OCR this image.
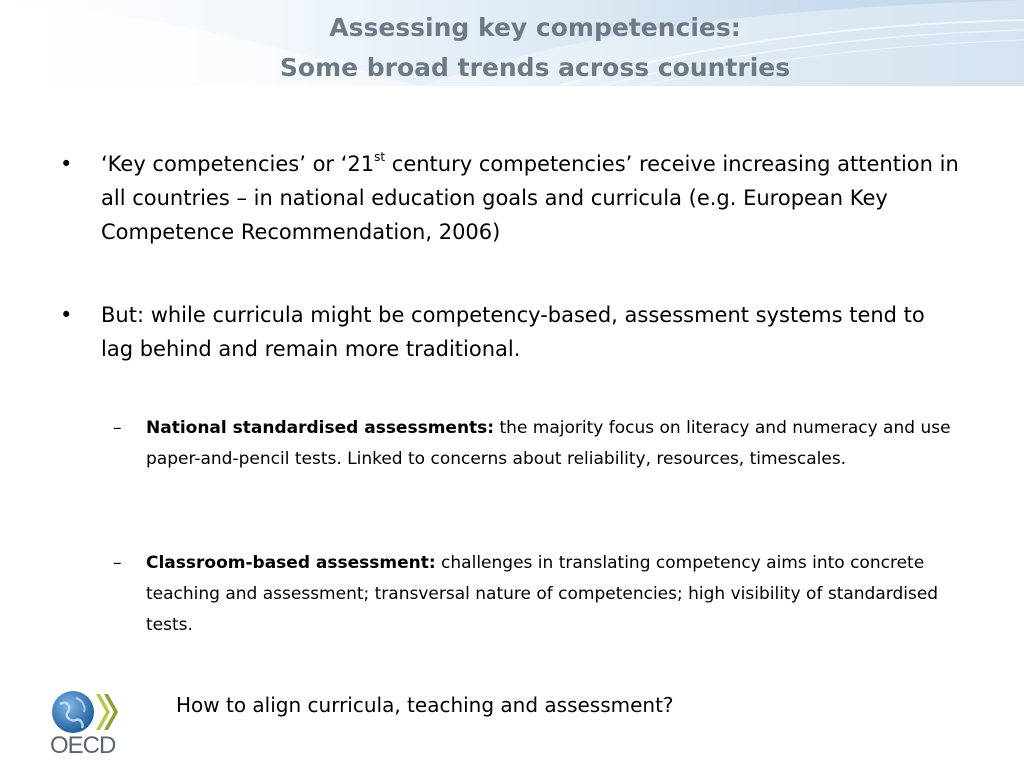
Assessing key competencies:
Some broad trends across countries
•	‘Key competencies’ or ‘21st century competencies’ receive increasing attention in all countries – in national education goals and curricula (e.g. European Key Competence Recommendation, 2006)
•	But: while curricula might be competency-based, assessment systems tend to lag behind and remain more traditional.
– National standardised assessments: the majority focus on literacy and numeracy and use paper-and-pencil tests. Linked to concerns about reliability, resources, timescales.
– Classroom-based assessment: challenges in translating competency aims into concrete teaching and assessment; transversal nature of competencies; high visibility of standardised tests.
How to align curricula, teaching and assessment?
OECD
